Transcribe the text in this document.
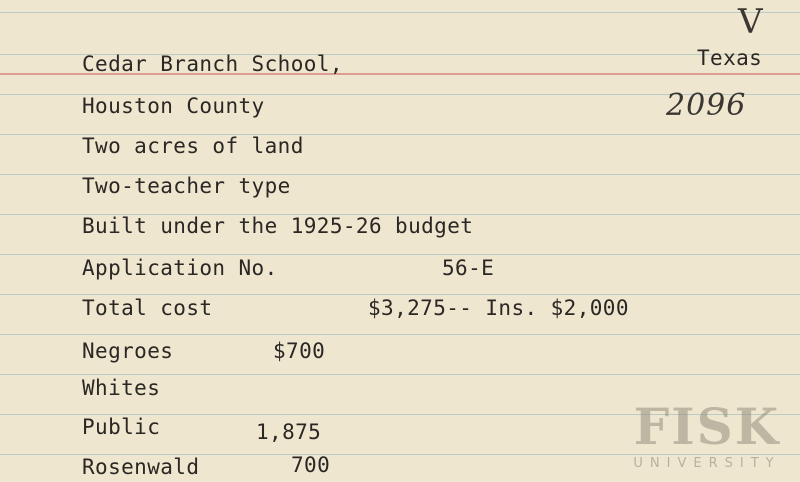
V
2096
Cedar Branch School,	Texas
Houston County
Two acres of land
Two-teacher type
Built under the 1925-26 budget
Application No.	56-E
Total cost	$3,275-- Ins. $2,000
Negroes	$700
Whites
Public	1,875
Rosenwald	700
FISK
UNIVERSITY
